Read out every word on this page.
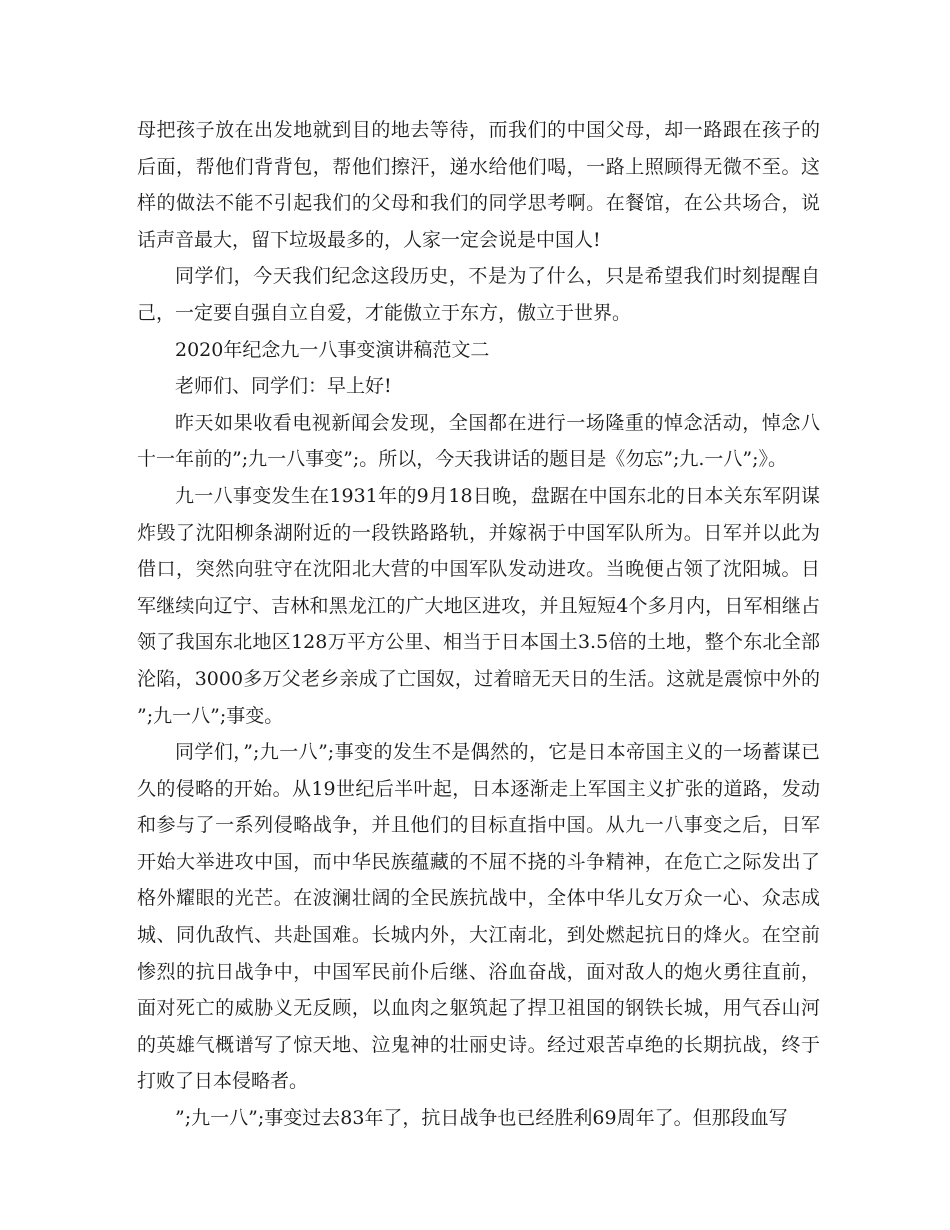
母把孩子放在出发地就到目的地去等待，而我们的中国父母，却一路跟在孩子的后面，帮他们背背包，帮他们擦汗，递水给他们喝，一路上照顾得无微不至。这样的做法不能不引起我们的父母和我们的同学思考啊。在餐馆，在公共场合，说话声音最大，留下垃圾最多的，人家一定会说是中国人!

同学们，今天我们纪念这段历史，不是为了什么，只是希望我们时刻提醒自己，一定要自强自立自爱，才能傲立于东方，傲立于世界。

2020年纪念九一八事变演讲稿范文二

老师们、同学们：早上好!

昨天如果收看电视新闻会发现，全国都在进行一场隆重的悼念活动，悼念八十一年前的”;九一八事变”;。所以，今天我讲话的题目是《勿忘”;九.一八”;》。

九一八事变发生在1931年的9月18日晚，盘踞在中国东北的日本关东军阴谋炸毁了沈阳柳条湖附近的一段铁路路轨，并嫁祸于中国军队所为。日军并以此为借口，突然向驻守在沈阳北大营的中国军队发动进攻。当晚便占领了沈阳城。日军继续向辽宁、吉林和黑龙江的广大地区进攻，并且短短4个多月内，日军相继占领了我国东北地区128万平方公里、相当于日本国土3.5倍的土地，整个东北全部沦陷，3000多万父老乡亲成了亡国奴，过着暗无天日的生活。这就是震惊中外的”;九一八”;事变。

同学们，”;九一八”;事变的发生不是偶然的，它是日本帝国主义的一场蓄谋已久的侵略的开始。从19世纪后半叶起，日本逐渐走上军国主义扩张的道路，发动和参与了一系列侵略战争，并且他们的目标直指中国。从九一八事变之后，日军开始大举进攻中国，而中华民族蕴藏的不屈不挠的斗争精神，在危亡之际发出了格外耀眼的光芒。在波澜壮阔的全民族抗战中，全体中华儿女万众一心、众志成城、同仇敌忾、共赴国难。长城内外，大江南北，到处燃起抗日的烽火。在空前惨烈的抗日战争中，中国军民前仆后继、浴血奋战，面对敌人的炮火勇往直前，面对死亡的威胁义无反顾，以血肉之躯筑起了捍卫祖国的钢铁长城，用气吞山河的英雄气概谱写了惊天地、泣鬼神的壮丽史诗。经过艰苦卓绝的长期抗战，终于打败了日本侵略者。

”;九一八”;事变过去83年了，抗日战争也已经胜利69周年了。但那段血写
